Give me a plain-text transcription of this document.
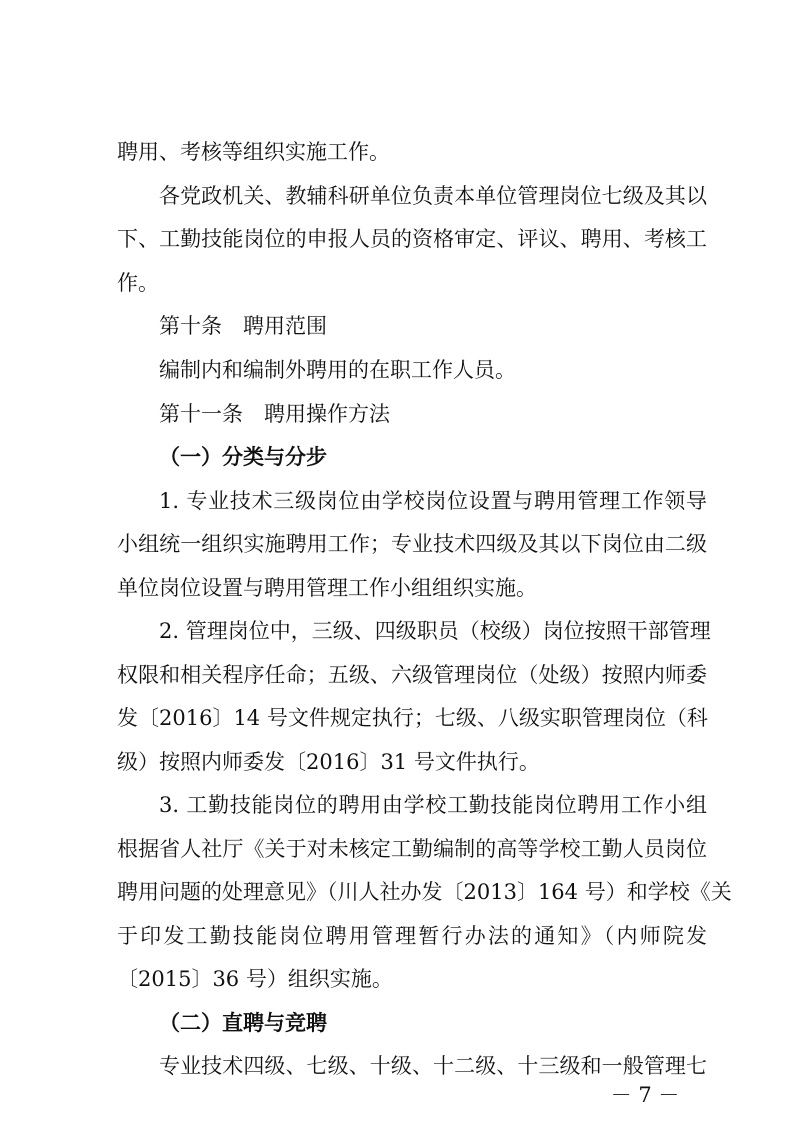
聘用、考核等组织实施工作。
各党政机关、教辅科研单位负责本单位管理岗位七级及其以
下、工勤技能岗位的申报人员的资格审定、评议、聘用、考核工
作。
第十条　聘用范围
编制内和编制外聘用的在职工作人员。
第十一条　聘用操作方法
（一）分类与分步
1. 专业技术三级岗位由学校岗位设置与聘用管理工作领导
小组统一组织实施聘用工作；专业技术四级及其以下岗位由二级
单位岗位设置与聘用管理工作小组组织实施。
2. 管理岗位中，三级、四级职员（校级）岗位按照干部管理
权限和相关程序任命；五级、六级管理岗位（处级）按照内师委
发〔2016〕14 号文件规定执行；七级、八级实职管理岗位（科
级）按照内师委发〔2016〕31 号文件执行。
3. 工勤技能岗位的聘用由学校工勤技能岗位聘用工作小组
根据省人社厅《关于对未核定工勤编制的高等学校工勤人员岗位
聘用问题的处理意见》（川人社办发〔2013〕164 号）和学校《关
于印发工勤技能岗位聘用管理暂行办法的通知》（内师院发
〔2015〕36 号）组织实施。
（二）直聘与竞聘
专业技术四级、七级、十级、十二级、十三级和一般管理七
－ 7 －
